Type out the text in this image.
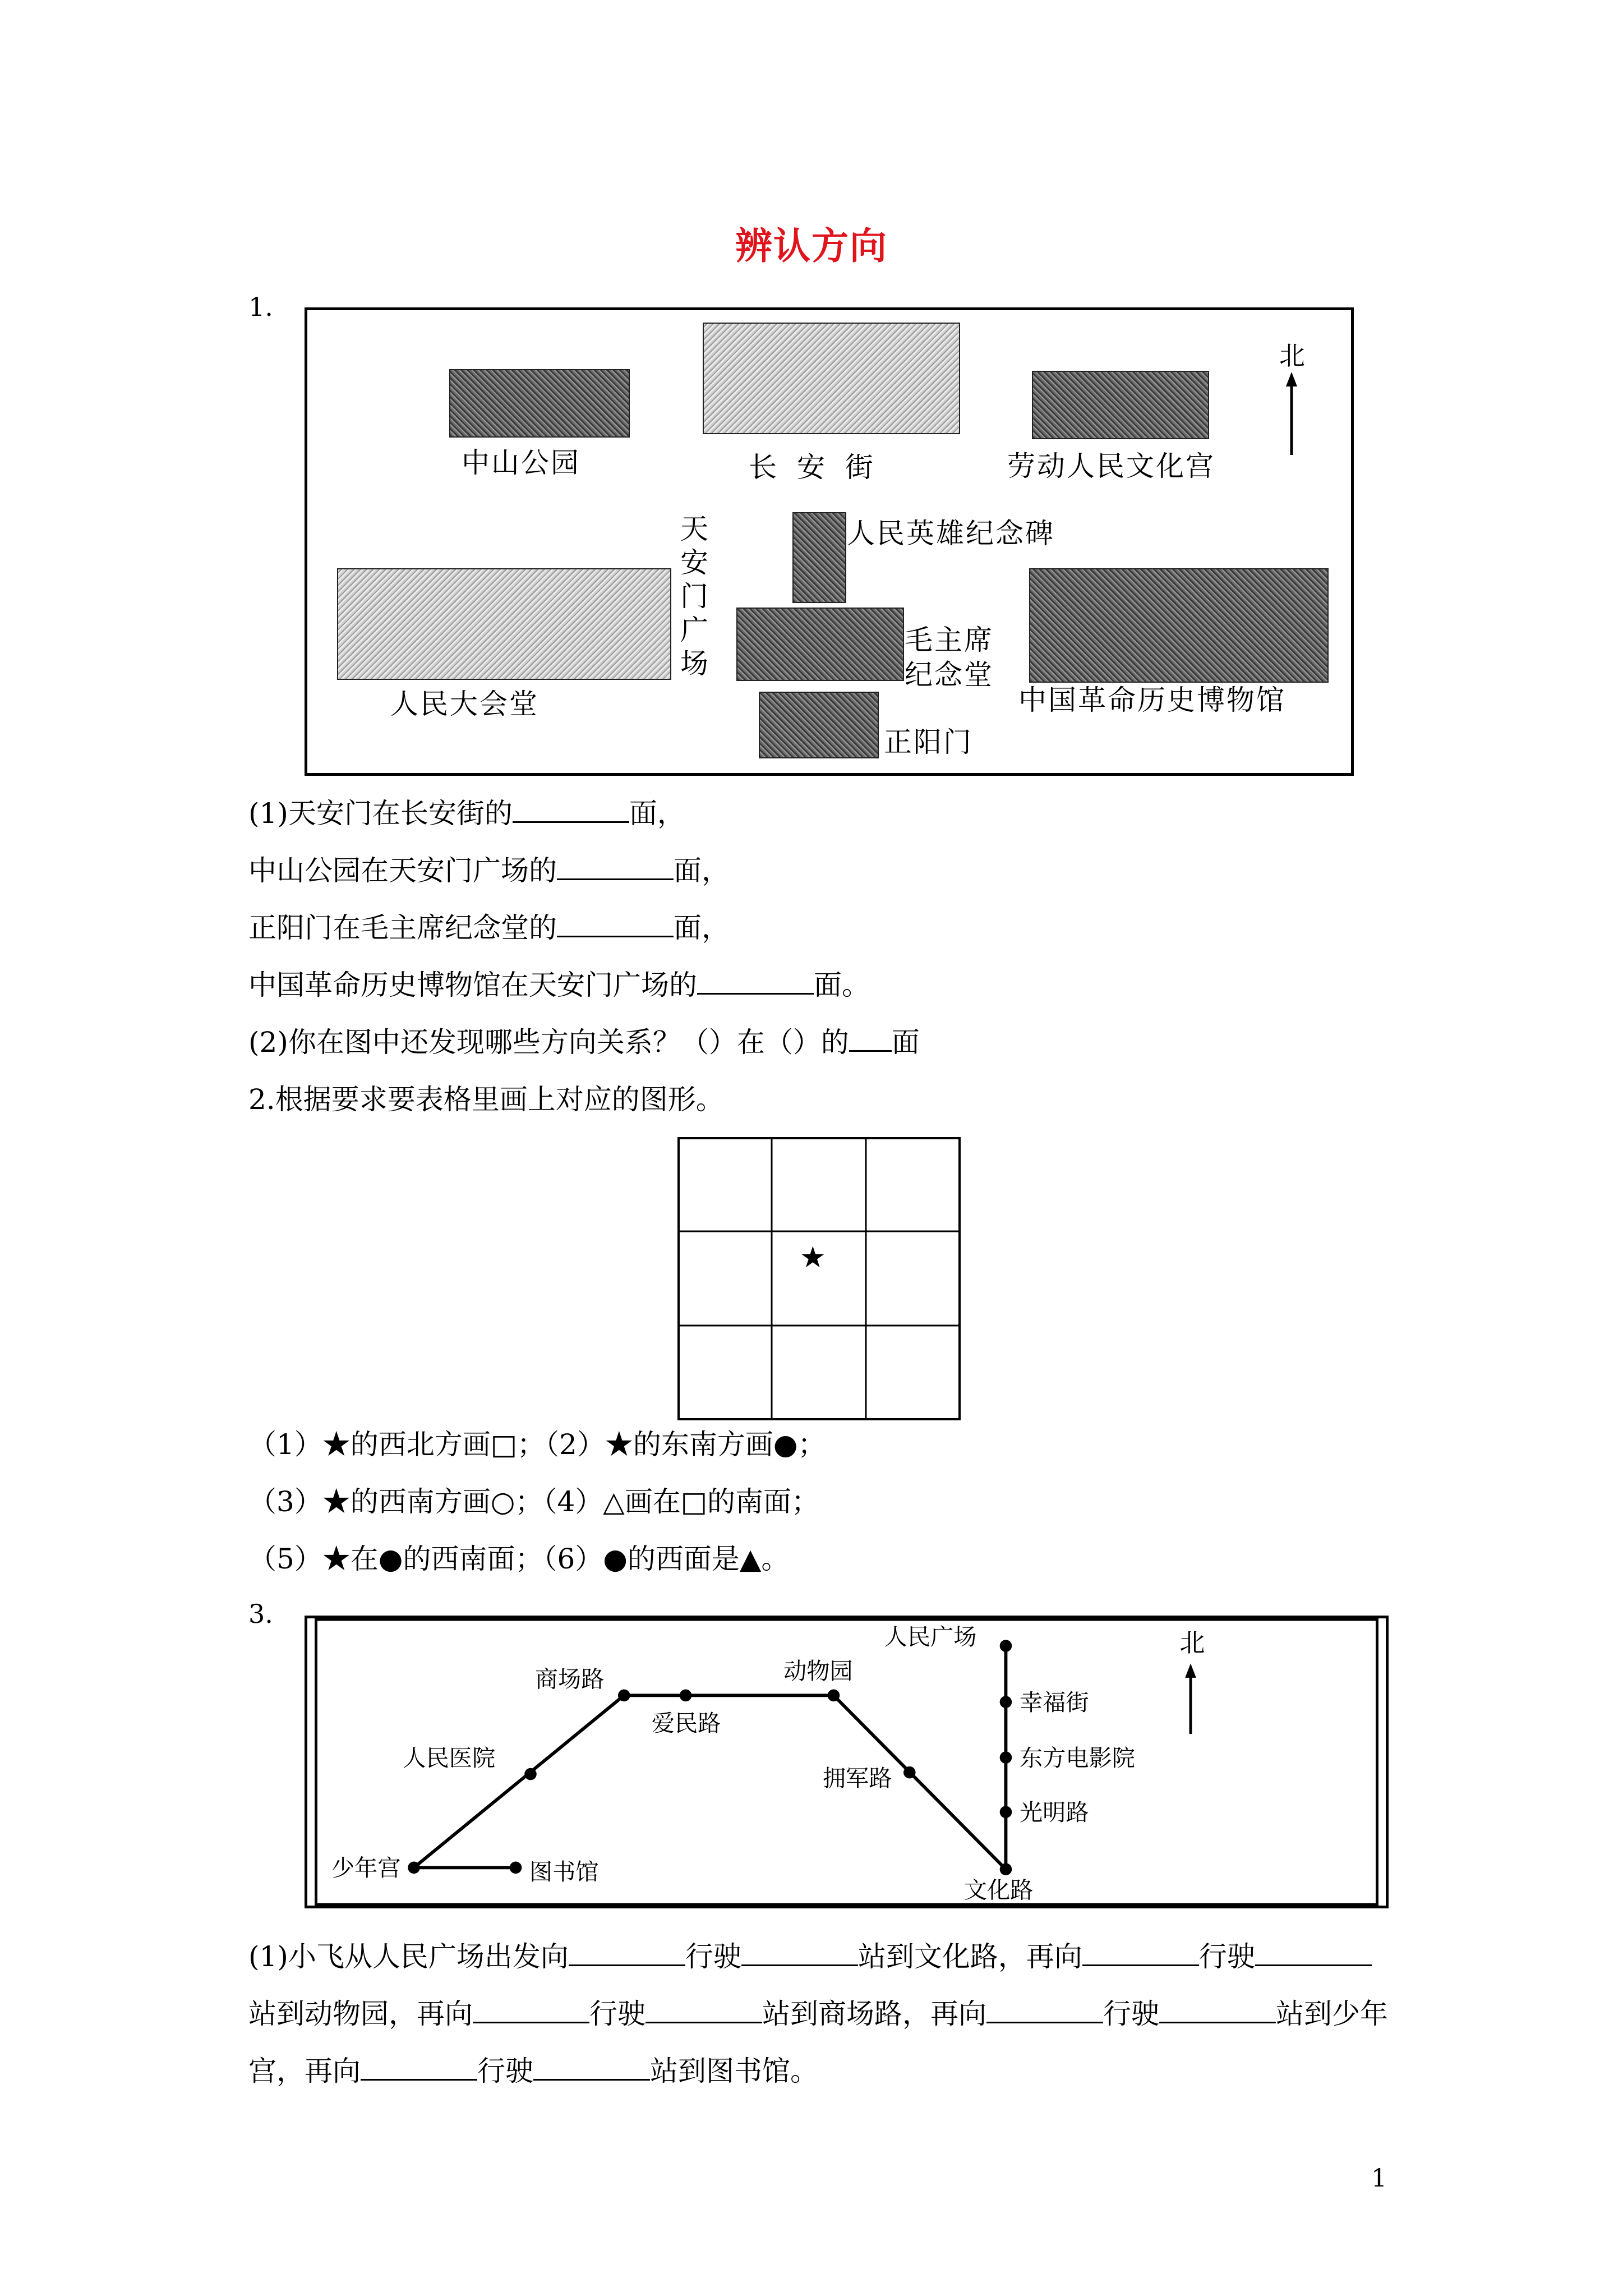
辨认方向
1.
北
中山公园	长 安 街	劳动人民文化宫
人民英雄纪念碑
天安门广场
人民大会堂
毛主席
纪念堂
中国革命历史博物馆
正阳门
(1)天安门在长安街的	面，
中山公园在天安门广场的	面，
正阳门在毛主席纪念堂的	面，
中国革命历史博物馆在天安门广场的	面。
(2)你在图中还发现哪些方向关系？（）在（）的 面
2.根据要求要表格里画上对应的图形。
★
（1）★的西北方画□；（2）★的东南方画●；
（3）★的西南方画○；（4）△画在□的南面；
（5）★在●的西南面；（6）●的西面是▲。
3.
北
人民广场
幸福街
东方电影院
光明路
文化路
拥军路
动物园
爱民路
商场路
人民医院
少年宫	图书馆
(1)小飞从人民广场出发向	行驶	站到文化路，再向	行驶
站到动物园，再向	行驶	站到商场路，再向	行驶	站到少年
宫，再向	行驶	站到图书馆。
1
